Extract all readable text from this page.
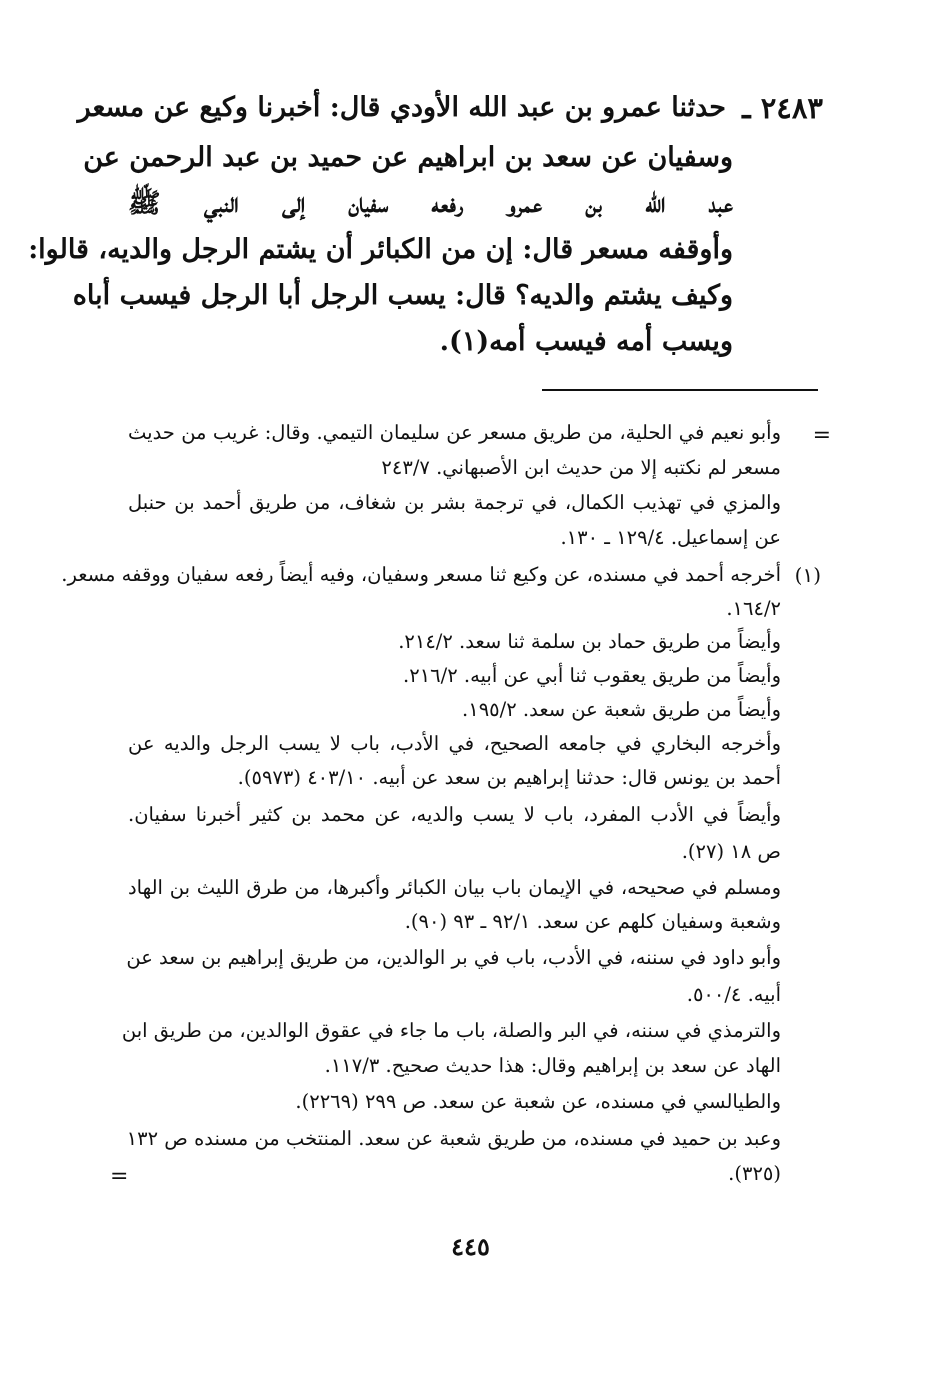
٢٤٨٣ ـ
حدثنا عمرو بن عبد الله الأودي قال: أخبرنا وكيع عن مسعر
وسفيان عن سعد بن ابراهيم عن حميد بن عبد الرحمن عن
عبد الله بن عمرو رفعه سفيان إلى النبي ﷺ
وأوقفه مسعر قال: إن من الكبائر أن يشتم الرجل والديه، قالوا:
وكيف يشتم والديه؟ قال: يسب الرجل أبا الرجل فيسب أباه
ويسب أمه فيسب أمه(١).
=
=
وأبو نعيم في الحلية، من طريق مسعر عن سليمان التيمي. وقال: غريب من حديث
مسعر لم نكتبه إلا من حديث ابن الأصبهاني. ٢٤٣/٧
والمزي في تهذيب الكمال، في ترجمة بشر بن شغاف، من طريق أحمد بن حنبل
عن إسماعيل. ١٢٩/٤ ـ ١٣٠.
(١)
أخرجه أحمد في مسنده، عن وكيع ثنا مسعر وسفيان، وفيه أيضاً رفعه سفيان ووقفه مسعر.
١٦٤/٢.
وأيضاً من طريق حماد بن سلمة ثنا سعد. ٢١٤/٢.
وأيضاً من طريق يعقوب ثنا أبي عن أبيه. ٢١٦/٢.
وأيضاً من طريق شعبة عن سعد. ١٩٥/٢.
وأخرجه البخاري في جامعه الصحيح، في الأدب، باب لا يسب الرجل والديه عن
أحمد بن يونس قال: حدثنا إبراهيم بن سعد عن أبيه. ٤٠٣/١٠ (٥٩٧٣).
وأيضاً في الأدب المفرد، باب لا يسب والديه، عن محمد بن كثير أخبرنا سفيان.
ص ١٨ (٢٧).
ومسلم في صحيحه، في الإيمان باب بيان الكبائر وأكبرها، من طرق الليث بن الهاد
وشعبة وسفيان كلهم عن سعد. ٩٢/١ ـ ٩٣ (٩٠).
وأبو داود في سننه، في الأدب، باب في بر الوالدين، من طريق إبراهيم بن سعد عن
أبيه. ٥٠٠/٤.
والترمذي في سننه، في البر والصلة، باب ما جاء في عقوق الوالدين، من طريق ابن
الهاد عن سعد بن إبراهيم وقال: هذا حديث صحيح. ١١٧/٣.
والطيالسي في مسنده، عن شعبة عن سعد. ص ٢٩٩ (٢٢٦٩).
وعبد بن حميد في مسنده، من طريق شعبة عن سعد. المنتخب من مسنده ص ١٣٢
(٣٢٥).
٤٤٥
